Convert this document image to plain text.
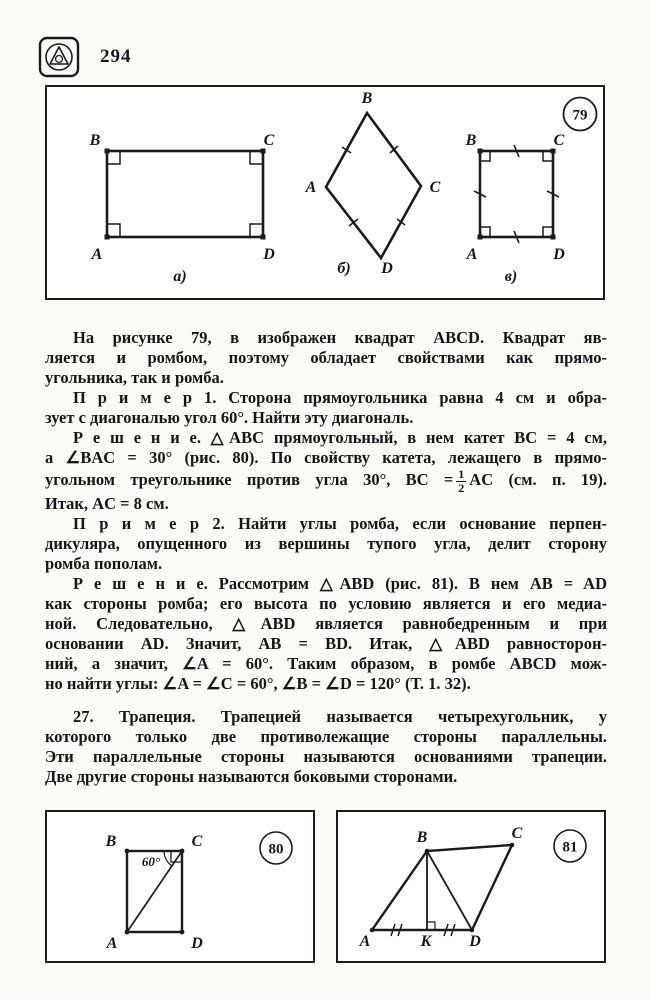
294
B	C
A	D
а)
B
A	C
D
б)
B	C
A	D
в)
79
На рисунке 79, в изображен квадрат ABCD. Квадрат яв-
ляется и ромбом, поэтому обладает свойствами как прямо-
угольника, так и ромба.
П р и м е р 1. Сторона прямоугольника равна 4 см и обра-
зует с диагональю угол 60°. Найти эту диагональ.
Р е ш е н и е. △ABC прямоугольный, в нем катет BC = 4 см,
а ∠BAC = 30° (рис. 80). По свойству катета, лежащего в прямо-
угольном треугольнике против угла 30°, BC = $\frac{1}{2}$ AC (см. п. 19).
Итак, AC = 8 см.
П р и м е р 2. Найти углы ромба, если основание перпен-
дикуляра, опущенного из вершины тупого угла, делит сторону
ромба пополам.
Р е ш е н и е. Рассмотрим △ABD (рис. 81). В нем AB = AD
как стороны ромба; его высота по условию является и его медиа-
ной. Следовательно, △ABD является равнобедренным и при
основании AD. Значит, AB = BD. Итак, △ABD равносторон-
ний, а значит, ∠A = 60°. Таким образом, в ромбе ABCD мож-
но найти углы: ∠A = ∠C = 60°, ∠B = ∠D = 120° (Т. 1. 32).
27. Трапеция. Трапецией называется четырехугольник, у
которого только две противолежащие стороны параллельны.
Эти параллельные стороны называются основаниями трапеции.
Две другие стороны называются боковыми сторонами.
60°
B	C
A	D
80
A	K D
B	C
81
